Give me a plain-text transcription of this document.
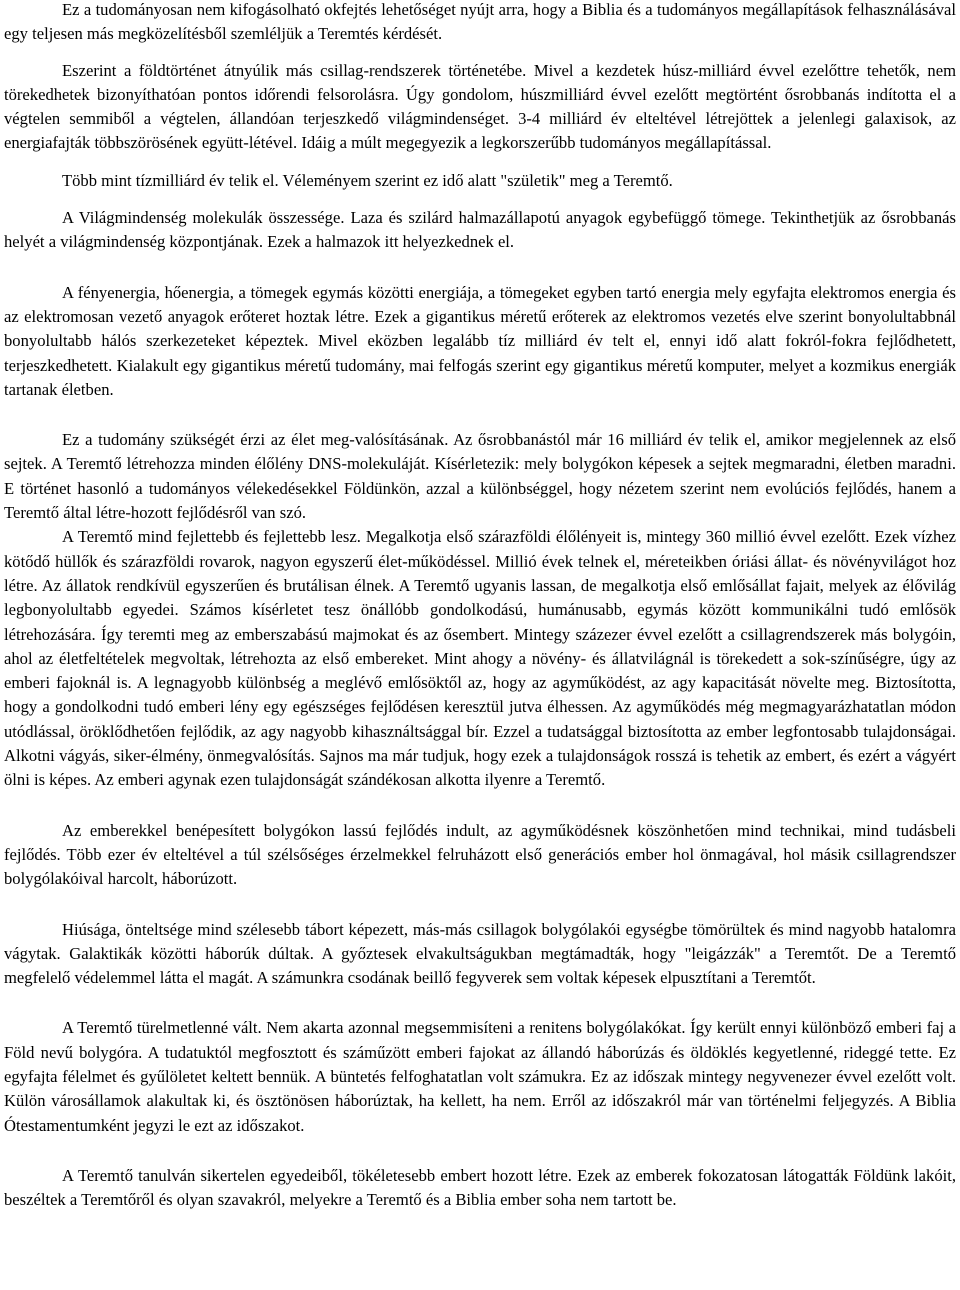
Ez a tudományosan nem kifogásolható okfejtés lehetőséget nyújt arra, hogy a Biblia és a tudományos megállapítások felhasználásával egy teljesen más megközelítésből szemléljük a Teremtés kérdését.

Eszerint a földtörténet átnyúlik más csillag-rendszerek történetébe. Mivel a kezdetek húsz-milliárd évvel ezelőttre tehetők, nem törekedhetek bizonyíthatóan pontos időrendi felsorolásra. Úgy gondolom, húszmilliárd évvel ezelőtt megtörtént ősrobbanás indította el a végtelen semmiből a végtelen, állandóan terjeszkedő világmindenséget. 3-4 milliárd év elteltével létrejöttek a jelenlegi galaxisok, az energiafajták többszörösének együtt-létével. Idáig a múlt megegyezik a legkorszerűbb tudományos megállapítással.

Több mint tízmilliárd év telik el. Véleményem szerint ez idő alatt "születik" meg a Teremtő.

A Világmindenség molekulák összessége. Laza és szilárd halmazállapotú anyagok egybefüggő tömege. Tekinthetjük az ősrobbanás helyét a világmindenség központjának. Ezek a halmazok itt helyezkednek el.

A fényenergia, hőenergia, a tömegek egymás közötti energiája, a tömegeket egyben tartó energia mely egyfajta elektromos energia és az elektromosan vezető anyagok erőteret hoztak létre. Ezek a gigantikus méretű erőterek az elektromos vezetés elve szerint bonyolultabbnál bonyolultabb hálós szerkezeteket képeztek. Mivel eközben legalább tíz milliárd év telt el, ennyi idő alatt fokról-fokra fejlődhetett, terjeszkedhetett. Kialakult egy gigantikus méretű tudomány, mai felfogás szerint egy gigantikus méretű komputer, melyet a kozmikus energiák tartanak életben.

Ez a tudomány szükségét érzi az élet meg-valósításának. Az ősrobbanástól már 16 milliárd év telik el, amikor megjelennek az első sejtek. A Teremtő létrehozza minden élőlény DNS-molekuláját. Kísérletezik: mely bolygókon képesek a sejtek megmaradni, életben maradni. E történet hasonló a tudományos vélekedésekkel Földünkön, azzal a különbséggel, hogy nézetem szerint nem evolúciós fejlődés, hanem a Teremtő által létre-hozott fejlődésről van szó.

A Teremtő mind fejlettebb és fejlettebb lesz. Megalkotja első szárazföldi élőlényeit is, mintegy 360 millió évvel ezelőtt. Ezek vízhez kötődő hüllők és szárazföldi rovarok, nagyon egyszerű élet-működéssel. Millió évek telnek el, méreteikben óriási állat- és növényvilágot hoz létre. Az állatok rendkívül egyszerűen és brutálisan élnek. A Teremtő ugyanis lassan, de megalkotja első emlősállat fajait, melyek az élővilág legbonyolultabb egyedei. Számos kísérletet tesz önállóbb gondolkodású, humánusabb, egymás között kommunikálni tudó emlősök létrehozására. Így teremti meg az emberszabású majmokat és az ősembert. Mintegy százezer évvel ezelőtt a csillagrendszerek más bolygóin, ahol az életfeltételek megvoltak, létrehozta az első embereket. Mint ahogy a növény- és állatvilágnál is törekedett a sok-színűségre, úgy az emberi fajoknál is. A legnagyobb különbség a meglévő emlősöktől az, hogy az agyműködést, az agy kapacitását növelte meg. Biztosította, hogy a gondolkodni tudó emberi lény egy egészséges fejlődésen keresztül jutva élhessen. Az agyműködés még megmagyarázhatatlan módon utódlással, öröklődhetően fejlődik, az agy nagyobb kihasználtsággal bír. Ezzel a tudatsággal biztosította az ember legfontosabb tulajdonságai. Alkotni vágyás, siker-élmény, önmegvalósítás. Sajnos ma már tudjuk, hogy ezek a tulajdonságok rosszá is tehetik az embert, és ezért a vágyért ölni is képes. Az emberi agynak ezen tulajdonságát szándékosan alkotta ilyenre a Teremtő.

Az emberekkel benépesített bolygókon lassú fejlődés indult, az agyműködésnek köszönhetően mind technikai, mind tudásbeli fejlődés. Több ezer év elteltével a túl szélsőséges érzelmekkel felruházott első generációs ember hol önmagával, hol másik csillagrendszer bolygólakóival harcolt, háborúzott.

Hiúsága, önteltsége mind szélesebb tábort képezett, más-más csillagok bolygólakói egységbe tömörültek és mind nagyobb hatalomra vágytak. Galaktikák közötti háborúk dúltak. A győztesek elvakultságukban megtámadták, hogy "leigázzák" a Teremtőt. De a Teremtő megfelelő védelemmel látta el magát. A számunkra csodának beillő fegyverek sem voltak képesek elpusztítani a Teremtőt.

A Teremtő türelmetlenné vált. Nem akarta azonnal megsemmisíteni a renitens bolygólakókat. Így került ennyi különböző emberi faj a Föld nevű bolygóra. A tudatuktól megfosztott és száműzött emberi fajokat az állandó háborúzás és öldöklés kegyetlenné, rideggé tette. Ez egyfajta félelmet és gyűlöletet keltett bennük. A büntetés felfoghatatlan volt számukra. Ez az időszak mintegy negyvenezer évvel ezelőtt volt. Külön városállamok alakultak ki, és ösztönösen háborúztak, ha kellett, ha nem. Erről az időszakról már van történelmi feljegyzés. A Biblia Ótestamentumként jegyzi le ezt az időszakot.

A Teremtő tanulván sikertelen egyedeiből, tökéletesebb embert hozott létre. Ezek az emberek fokozatosan látogatták Földünk lakóit, beszéltek a Teremtőről és olyan szavakról, melyekre a Teremtő és a Biblia ember soha nem tartott be.
